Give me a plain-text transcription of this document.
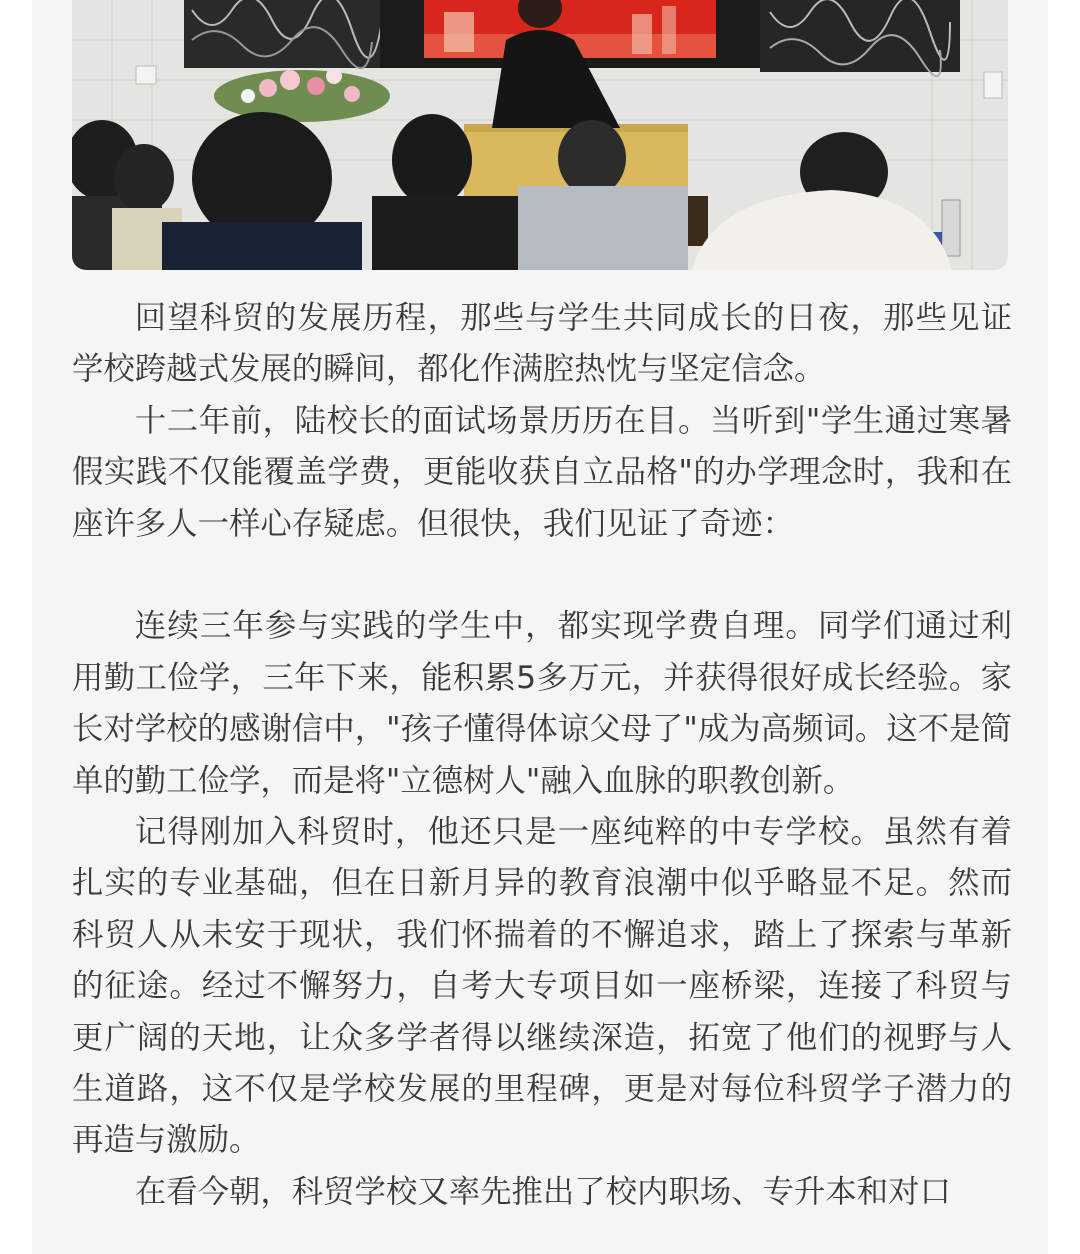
回望科贸的发展历程，那些与学生共同成长的日夜，那些见证学校跨越式发展的瞬间，都化作满腔热忱与坚定信念。

十二年前，陆校长的面试场景历历在目。当听到"学生通过寒暑假实践不仅能覆盖学费，更能收获自立品格"的办学理念时，我和在座许多人一样心存疑虑。但很快，我们见证了奇迹：

连续三年参与实践的学生中，都实现学费自理。同学们通过利用勤工俭学，三年下来，能积累5多万元，并获得很好成长经验。家长对学校的感谢信中，"孩子懂得体谅父母了"成为高频词。这不是简单的勤工俭学，而是将"立德树人"融入血脉的职教创新。

记得刚加入科贸时，他还只是一座纯粹的中专学校。虽然有着扎实的专业基础，但在日新月异的教育浪潮中似乎略显不足。然而科贸人从未安于现状，我们怀揣着的不懈追求，踏上了探索与革新的征途。经过不懈努力，自考大专项目如一座桥梁，连接了科贸与更广阔的天地，让众多学者得以继续深造，拓宽了他们的视野与人生道路，这不仅是学校发展的里程碑，更是对每位科贸学子潜力的再造与激励。

在看今朝，科贸学校又率先推出了校内职场、专升本和对口
